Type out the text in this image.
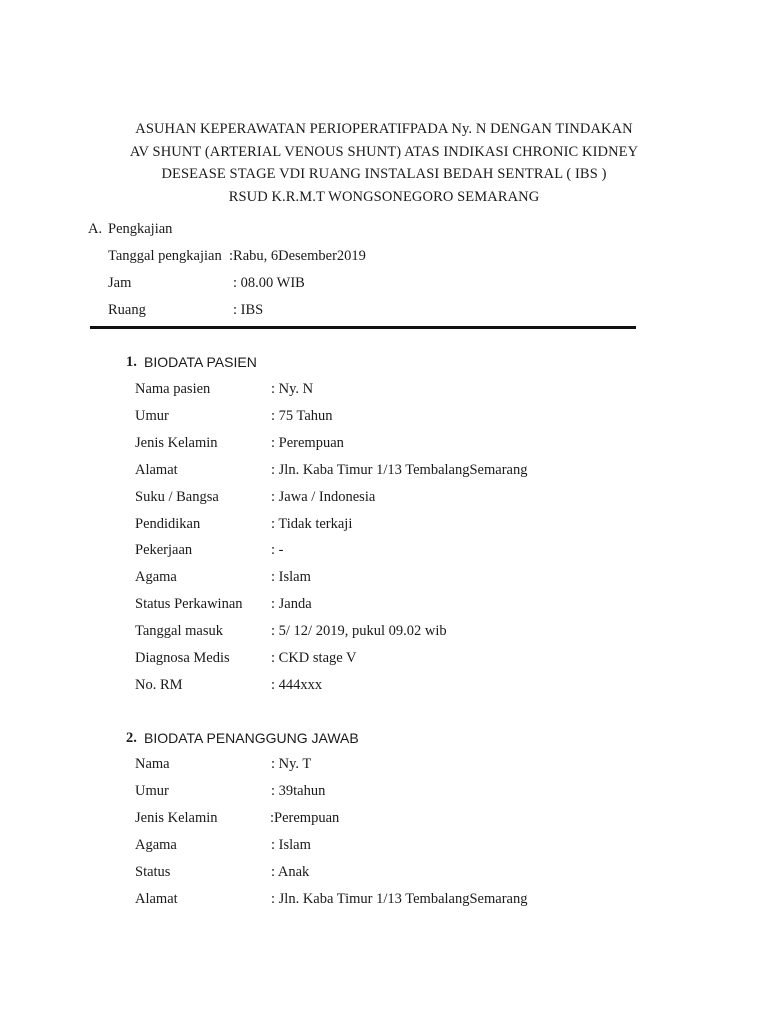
ASUHAN KEPERAWATAN PERIOPERATIFPADA Ny. N DENGAN TINDAKAN
AV SHUNT (ARTERIAL VENOUS SHUNT) ATAS INDIKASI CHRONIC KIDNEY
DESEASE STAGE VDI RUANG INSTALASI BEDAH SENTRAL ( IBS )
RSUD K.R.M.T WONGSONEGORO SEMARANG
A. Pengkajian
Tanggal pengkajian :Rabu, 6Desember2019
Jam	: 08.00 WIB
Ruang	: IBS
1. BIODATA PASIEN
Nama pasien	: Ny. N
Umur	: 75 Tahun
Jenis Kelamin	: Perempuan
Alamat	: Jln. Kaba Timur 1/13 TembalangSemarang
Suku / Bangsa	: Jawa / Indonesia
Pendidikan	: Tidak terkaji
Pekerjaan	: -
Agama	: Islam
Status Perkawinan : Janda
Tanggal masuk	: 5/ 12/ 2019, pukul 09.02 wib
Diagnosa Medis	: CKD stage V
No. RM	: 444xxx
2. BIODATA PENANGGUNG JAWAB
Nama	: Ny. T
Umur	: 39tahun
Jenis Kelamin	:Perempuan
Agama	: Islam
Status	: Anak
Alamat	: Jln. Kaba Timur 1/13 TembalangSemarang
